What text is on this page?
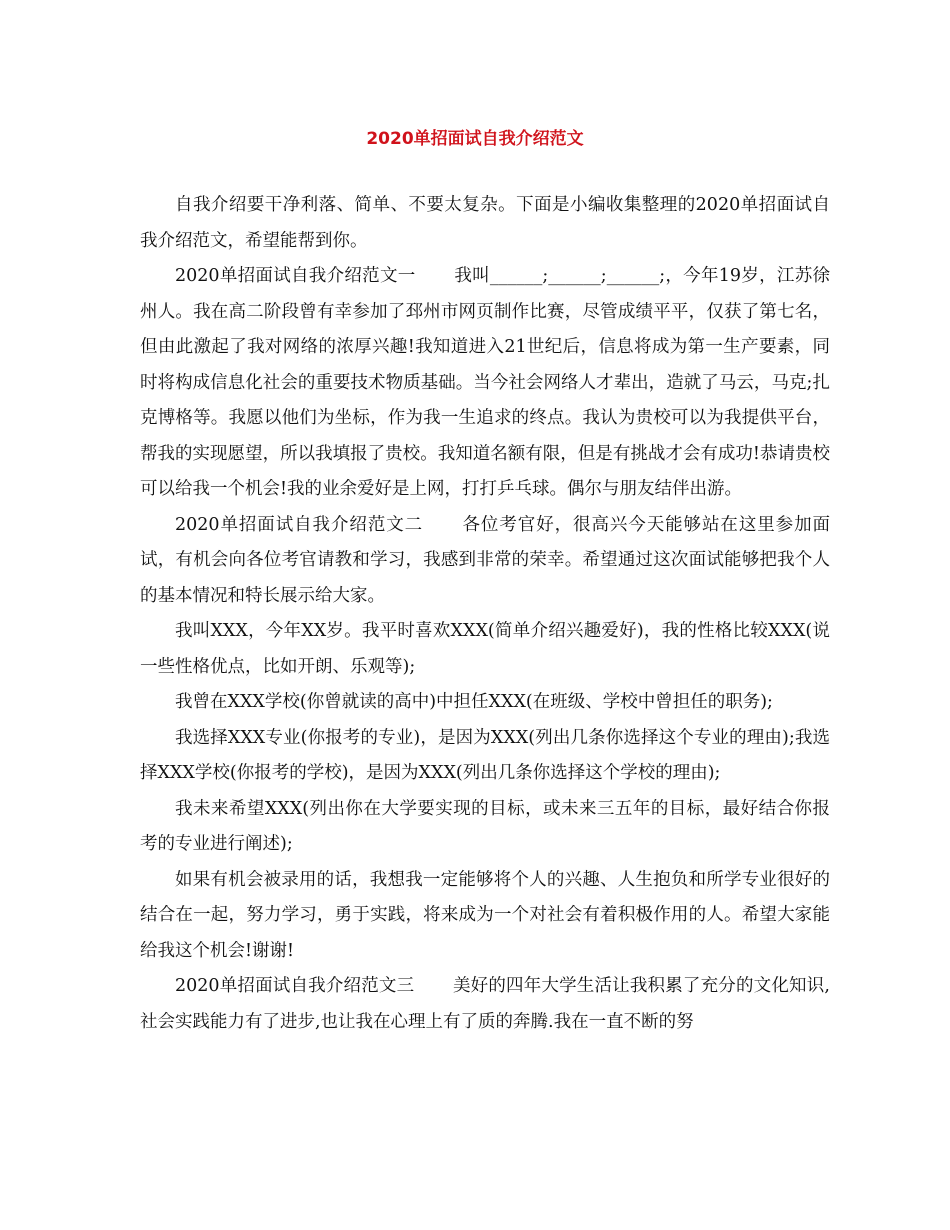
2020单招面试自我介绍范文

自我介绍要干净利落、简单、不要太复杂。下面是小编收集整理的2020单招面试自我介绍范文，希望能帮到你。

2020单招面试自我介绍范文一 我叫______;______;______;，今年19岁，江苏徐州人。我在高二阶段曾有幸参加了邳州市网页制作比赛，尽管成绩平平，仅获了第七名，但由此激起了我对网络的浓厚兴趣!我知道进入21世纪后，信息将成为第一生产要素，同时将构成信息化社会的重要技术物质基础。当今社会网络人才辈出，造就了马云，马克;扎克博格等。我愿以他们为坐标，作为我一生追求的终点。我认为贵校可以为我提供平台，帮我的实现愿望，所以我填报了贵校。我知道名额有限，但是有挑战才会有成功!恭请贵校可以给我一个机会!我的业余爱好是上网，打打乒乓球。偶尔与朋友结伴出游。

2020单招面试自我介绍范文二 各位考官好，很高兴今天能够站在这里参加面试，有机会向各位考官请教和学习，我感到非常的荣幸。希望通过这次面试能够把我个人的基本情况和特长展示给大家。

我叫XXX，今年XX岁。我平时喜欢XXX(简单介绍兴趣爱好)，我的性格比较XXX(说一些性格优点，比如开朗、乐观等);

我曾在XXX学校(你曾就读的高中)中担任XXX(在班级、学校中曾担任的职务);

我选择XXX专业(你报考的专业)，是因为XXX(列出几条你选择这个专业的理由);我选择XXX学校(你报考的学校)，是因为XXX(列出几条你选择这个学校的理由);

我未来希望XXX(列出你在大学要实现的目标，或未来三五年的目标，最好结合你报考的专业进行阐述);

如果有机会被录用的话，我想我一定能够将个人的兴趣、人生抱负和所学专业很好的结合在一起，努力学习，勇于实践，将来成为一个对社会有着积极作用的人。希望大家能给我这个机会!谢谢!

2020单招面试自我介绍范文三 美好的四年大学生活让我积累了充分的文化知识,社会实践能力有了进步,也让我在心理上有了质的奔腾.我在一直不断的努
